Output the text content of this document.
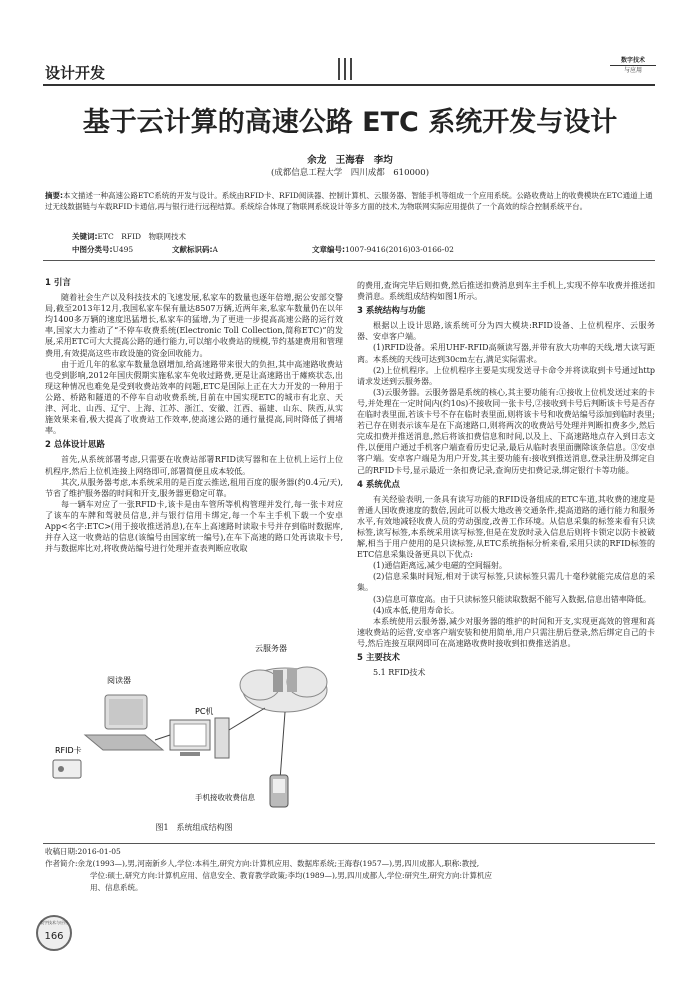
设计开发
数字技术
与应用
基于云计算的高速公路 ETC 系统开发与设计
余龙　王海春　李均
(成都信息工程大学　四川成都　610000)
摘要:本文描述一种高速公路ETC系统的开发与设计。系统由RFID卡、RFID阅读器、控制计算机、云服务器、智能手机等组成一个应用系统。公路收费站上的收费模块在ETC通道上通过无线数据链与车载RFID卡通信,再与银行进行远程结算。系统综合体现了物联网系统设计等多方面的技术,为物联网实际应用提供了一个高效的综合控制系统平台。
关键词:ETC　RFID　物联网技术
中图分类号:U495	文献标识码:A	文章编号:1007-9416(2016)03-0166-02
1 引言

随着社会生产以及科技技术的飞速发展,私家车的数量也逐年倍增,据公安部交警局,截至2013年12月,我国私家车保有量达8507万辆,近两年来,私家车数量仍在以年均1400多万辆的速度迅猛增长,私家车的猛增,为了更进一步提高高速公路的运行效率,国家大力推动了“不停车收费系统(Electronic Toll Collection,简称ETC)”的发展,采用ETC可大大提高公路的通行能力,可以缩小收费站的规模,节约基建费用和管理费用,有效提高这些市政设施的资金回收能力。

由于近几年的私家车数量急剧增加,给高速路带来很大的负担,其中高速路收费站也受到影响,2012年国庆假期实施私家车免收过路费,更是让高速路出于瘫痪状态,出现这种情况也难免是受到收费站效率的问题,ETC是国际上正在大力开发的一种用于公路、桥路和隧道的不停车自动收费系统,目前在中国实现ETC的城市有北京、天津、河北、山西、辽宁、上海、江苏、浙江、安徽、江西、福建、山东、陕西,从实施效果来看,极大提高了收费站工作效率,使高速公路的通行量提高,同时降低了拥堵率。

2 总体设计思路

首先,从系统部署考虑,只需要在收费站部署RFID读写器和在上位机上运行上位机程序,然后上位机连接上网络即可,部署简便且成本较低。

其次,从服务器考虑,本系统采用的是百度云推送,租用百度的服务器(约0.4元/天),节省了维护服务器的时间和开支,服务器更稳定可靠。

每一辆车对应了一张RFID卡,该卡是由车管所等机构管理并发行,每一张卡对应了该车的车牌和驾驶员信息,并与银行信用卡绑定,每一个车主手机下载一个安卓 App<名字:ETC>(用于接收推送消息),在车上高速路时读取卡号并存到临时数据库,并存入这一收费站的信息(该编号由国家统一编号),在车下高速的路口处再读取卡号,并与数据库比对,将收费站编号进行处理并查表判断应收取

云服务器
阅读器
PC机
RFID卡
手机接收收费信息
图1　系统组成结构图

的费用,查询完毕后则扣费,然后推送扣费消息到车主手机上,实现不停车收费并推送扣费消息。系统组成结构如图1所示。

3 系统结构与功能

根据以上设计思路,该系统可分为四大模块:RFID设备、上位机程序、云服务器、安卓客户端。

(1)RFID设备。采用UHF-RFID高频读写器,并带有放大功率的天线,增大读写距离。本系统的天线可达到30cm左右,满足实际需求。

(2)上位机程序。上位机程序主要是实现发送寻卡命令并将读取到卡号通过http请求发送到云服务器。

(3)云服务器。云服务器是系统的核心,其主要功能有:①接收上位机发送过来的卡号,并处理在一定时间内(约10s)不接收同一张卡号,②接收到卡号后判断该卡号是否存在临时表里面,若该卡号不存在临时表里面,则将该卡号和收费站编号添加到临时表里;若已存在则表示该车是在下高速路口,则将两次的收费站号处理并判断扣费多少,然后完成扣费并推送消息,然后将该扣费信息和时间,以及上、下高速路地点存入到日志文件,以便用户通过手机客户端查看历史记录,最后从临时表里面删除该条信息。③安卓客户端。安卓客户端是为用户开发,其主要功能有:接收到推送消息,登录注册及绑定自己的RFID卡号,显示最近一条扣费记录,查询历史扣费记录,绑定银行卡等功能。

4 系统优点

有关经验表明,一条具有读写功能的RFID设备组成的ETC车道,其收费的速度是普通人国收费速度的数倍,因此可以极大地改善交通条件,提高道路的通行能力和服务水平,有效地减轻收费人员的劳动强度,改善工作环境。从信息采集的标签来看有只读标签,读写标签,本系统采用读写标签,但是在发放时录入信息后则将卡锁定以防卡被破解,相当于用户使用的是只读标签,从ETC系统指标分析来看,采用只读的RFID标签的ETC信息采集设备更具以下优点:

(1)通信距离远,减少电磁的空间辐射。

(2)信息采集时间短,相对于读写标签,只读标签只需几十毫秒就能完成信息的采集。

(3)信息可靠度高。由于只读标签只能读取数据不能写入数据,信息出错率降低。

(4)成本低,使用寿命长。

本系统使用云服务器,减少对服务器的维护的时间和开支,实现更高效的管理和高速收费站的运营,安卓客户端安装和使用简单,用户只需注册后登录,然后绑定自己的卡号,然后连接互联网即可在高速路收费时接收到扣费推送消息。

5 主要技术

5.1 RFID技术

收稿日期:2016-01-05
作者简介:余龙(1993—),男,河南新乡人,学位:本科生,研究方向:计算机应用、数据库系统;王海春(1957—),男,四川成都人,职称:教授,
学位:硕士,研究方向:计算机应用、信息安全、教育教学政策;李均(1989—),男,四川成都人,学位:研究生,研究方向:计算机应
用、信息系统。
数字技术与应用
166
